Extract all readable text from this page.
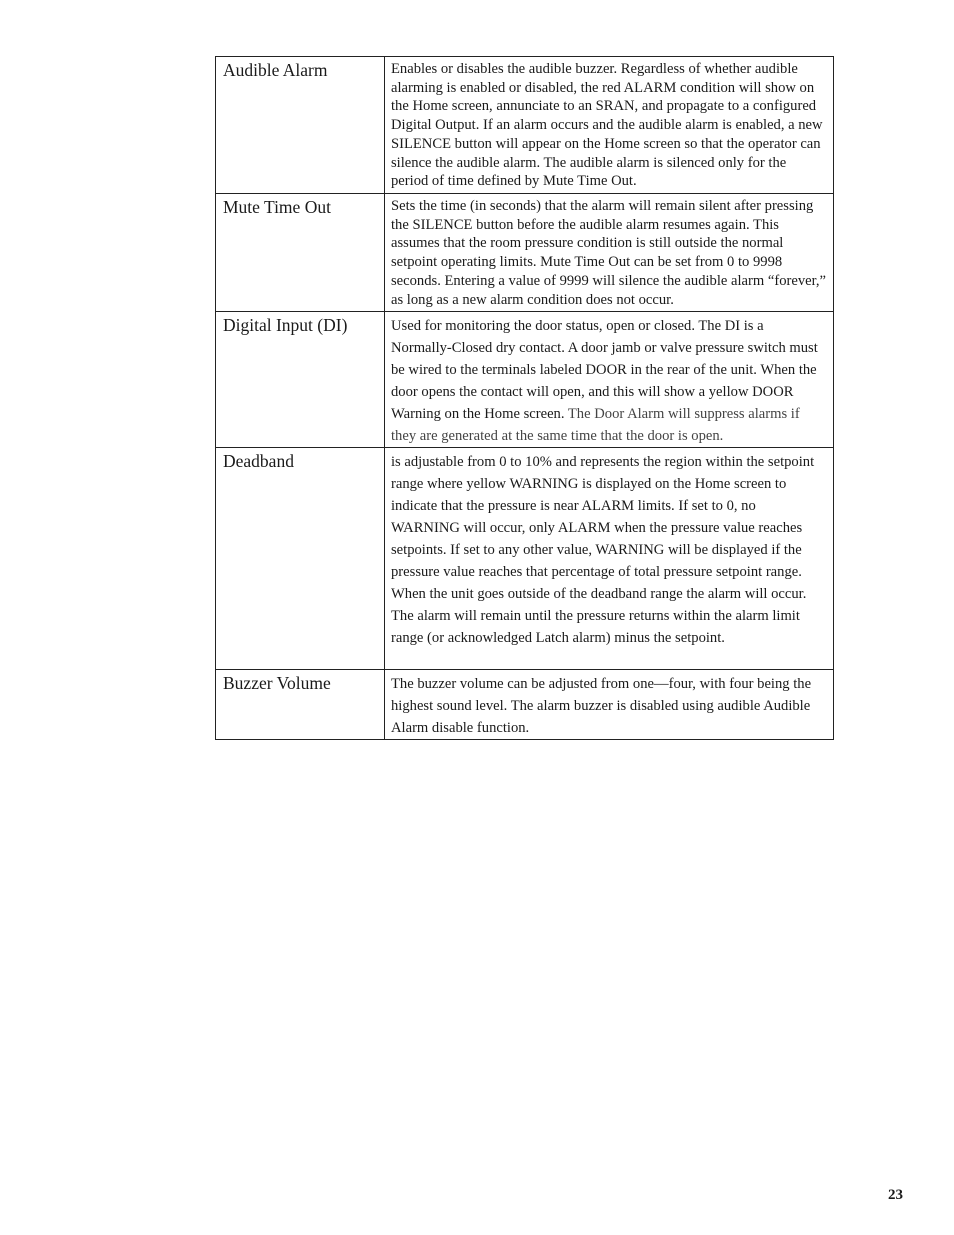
Audible Alarm	Enables or disables the audible buzzer. Regardless of whether audible alarming is enabled or disabled, the red ALARM condition will show on the Home screen, annunciate to an SRAN, and propagate to a configured Digital Output. If an alarm occurs and the audible alarm is enabled, a new SILENCE button will appear on the Home screen so that the operator can silence the audible alarm. The audible alarm is silenced only for the period of time defined by Mute Time Out.

Mute Time Out	Sets the time (in seconds) that the alarm will remain silent after pressing the SILENCE button before the audible alarm resumes again. This assumes that the room pressure condition is still outside the normal setpoint operating limits. Mute Time Out can be set from 0 to 9998 seconds. Entering a value of 9999 will silence the audible alarm “forever,” as long as a new alarm condition does not occur.

Digital Input (DI)	Used for monitoring the door status, open or closed. The DI is a Normally-Closed dry contact. A door jamb or valve pressure switch must be wired to the terminals labeled DOOR in the rear of the unit. When the door opens the contact will open, and this will show a yellow DOOR Warning on the Home screen. The Door Alarm will suppress alarms if they are generated at the same time that the door is open.

Deadband	is adjustable from 0 to 10% and represents the region within the setpoint range where yellow WARNING is displayed on the Home screen to indicate that the pressure is near ALARM limits. If set to 0, no WARNING will occur, only ALARM when the pressure value reaches setpoints. If set to any other value, WARNING will be displayed if the pressure value reaches that percentage of total pressure setpoint range.

When the unit goes outside of the deadband range the alarm will occur. The alarm will remain until the pressure returns within the alarm limit range (or acknowledged Latch alarm) minus the setpoint.

Buzzer Volume	The buzzer volume can be adjusted from one—four, with four being the highest sound level. The alarm buzzer is disabled using audible Audible Alarm disable function.

23
